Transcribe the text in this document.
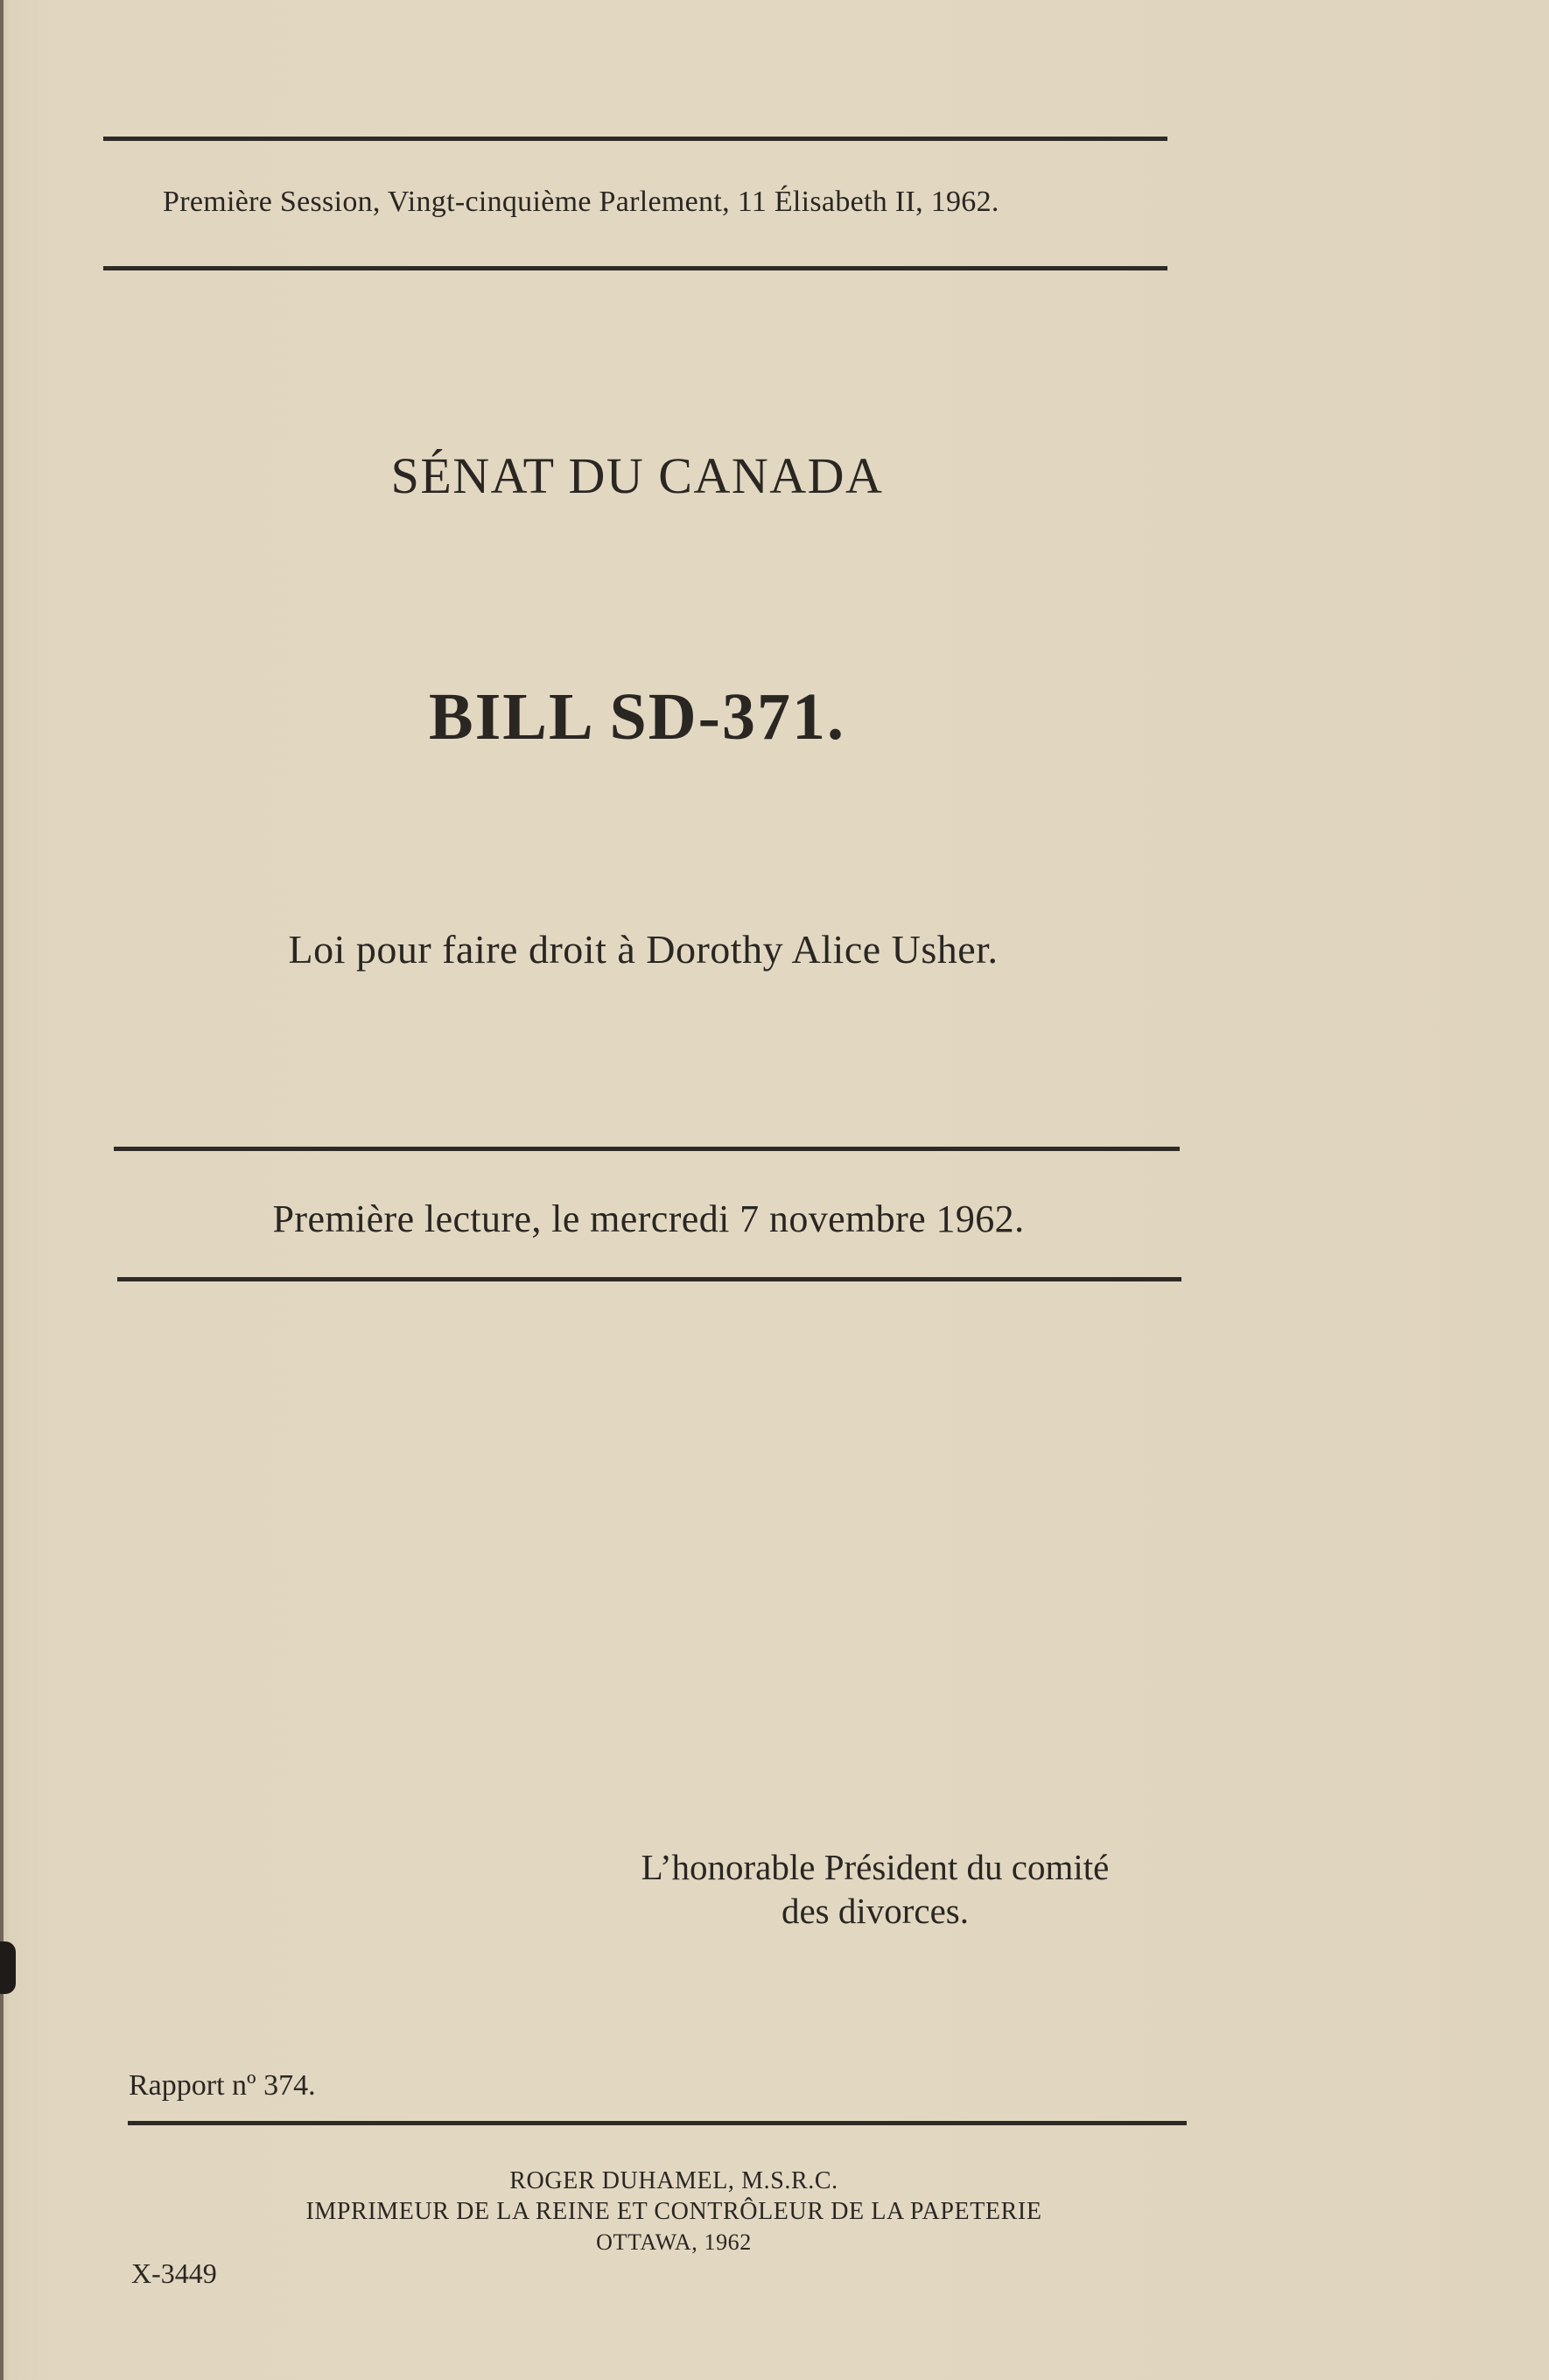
Première Session, Vingt-cinquième Parlement, 11 Élisabeth II, 1962.
SÉNAT DU CANADA
BILL SD-371.
Loi pour faire droit à Dorothy Alice Usher.
Première lecture, le mercredi 7 novembre 1962.
L’honorable Président du comité
des divorces.
Rapport nº 374.
ROGER DUHAMEL, M.S.R.C.
IMPRIMEUR DE LA REINE ET CONTRÔLEUR DE LA PAPETERIE
OTTAWA, 1962
X-3449
